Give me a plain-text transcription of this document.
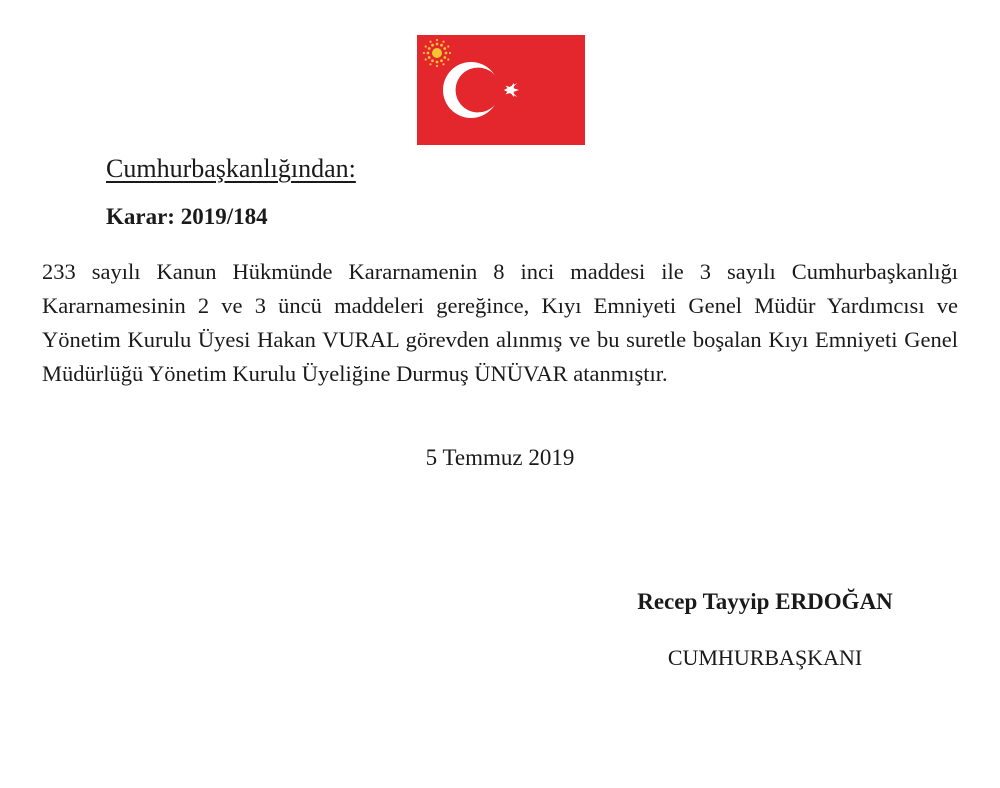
Cumhurbaşkanlığından:

Karar: 2019/184

233 sayılı Kanun Hükmünde Kararnamenin 8 inci maddesi ile 3 sayılı Cumhurbaşkanlığı Kararnamesinin 2 ve 3 üncü maddeleri gereğince, Kıyı Emniyeti Genel Müdür Yardımcısı ve Yönetim Kurulu Üyesi Hakan VURAL görevden alınmış ve bu suretle boşalan Kıyı Emniyeti Genel Müdürlüğü Yönetim Kurulu Üyeliğine Durmuş ÜNÜVAR atanmıştır.

5 Temmuz 2019

Recep Tayyip ERDOĞAN

CUMHURBAŞKANI
